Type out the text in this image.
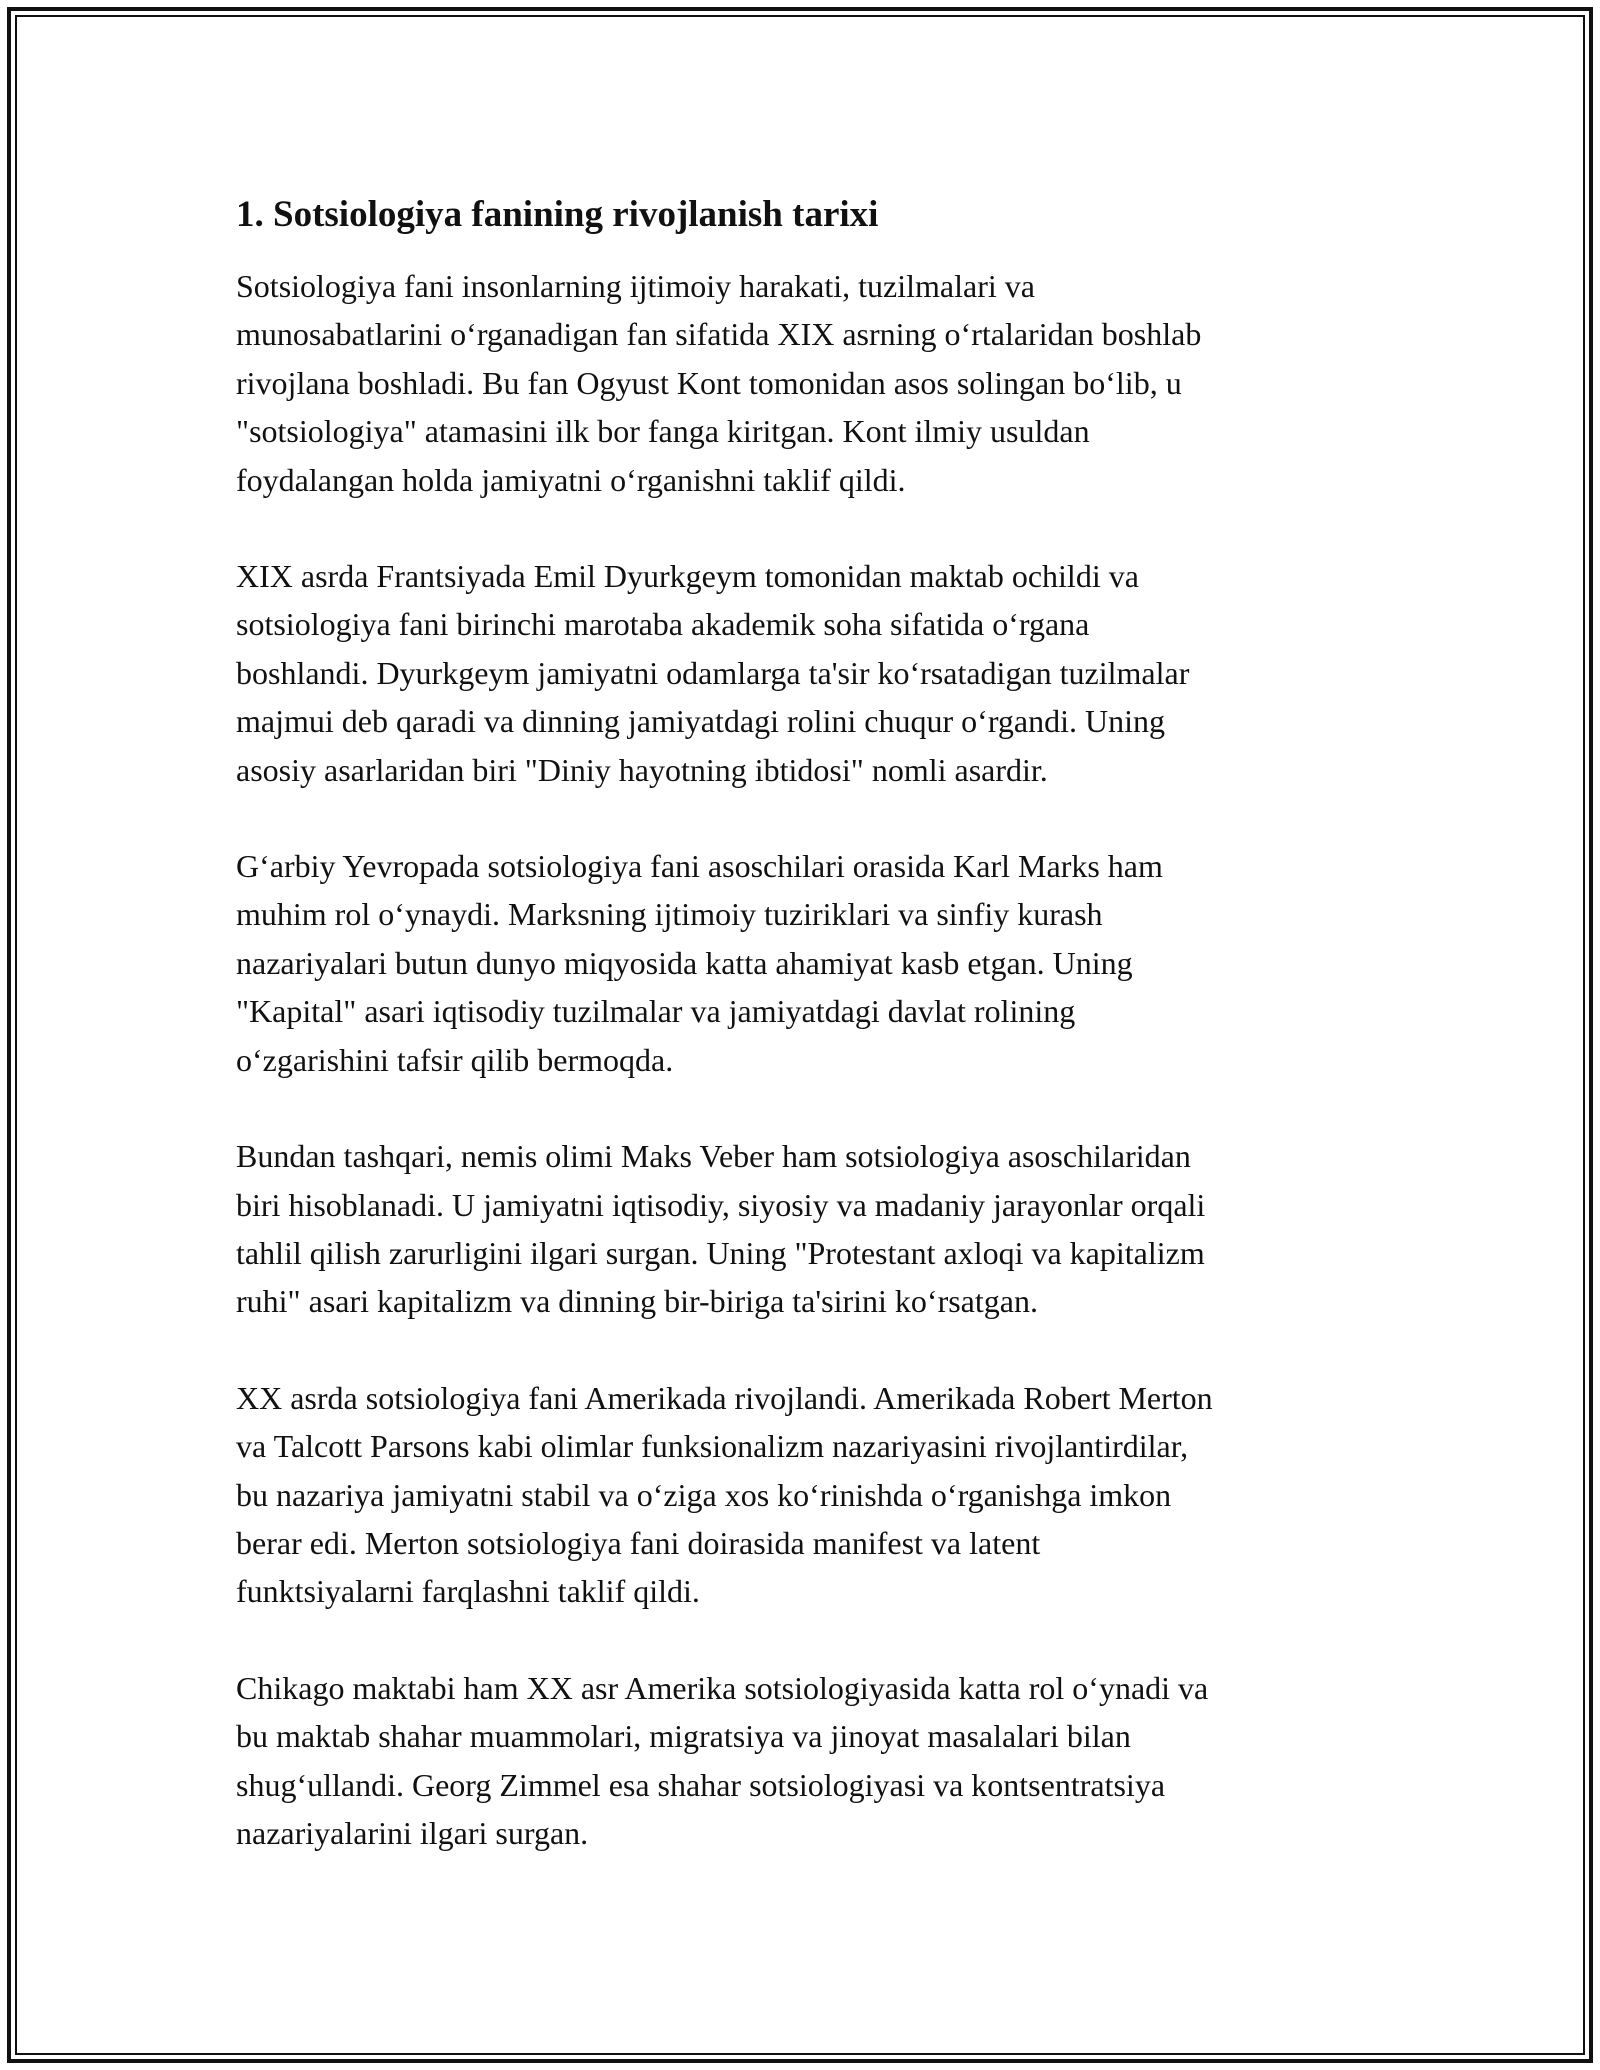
1. Sotsiologiya fanining rivojlanish tarixi

Sotsiologiya fani insonlarning ijtimoiy harakati, tuzilmalari va
munosabatlarini oʻrganadigan fan sifatida XIX asrning oʻrtalaridan boshlab
rivojlana boshladi. Bu fan Ogyust Kont tomonidan asos solingan boʻlib, u
"sotsiologiya" atamasini ilk bor fanga kiritgan. Kont ilmiy usuldan
foydalangan holda jamiyatni oʻrganishni taklif qildi.

XIX asrda Frantsiyada Emil Dyurkgeym tomonidan maktab ochildi va
sotsiologiya fani birinchi marotaba akademik soha sifatida oʻrgana
boshlandi. Dyurkgeym jamiyatni odamlarga ta'sir koʻrsatadigan tuzilmalar
majmui deb qaradi va dinning jamiyatdagi rolini chuqur oʻrgandi. Uning
asosiy asarlaridan biri "Diniy hayotning ibtidosi" nomli asardir.

Gʻarbiy Yevropada sotsiologiya fani asoschilari orasida Karl Marks ham
muhim rol oʻynaydi. Marksning ijtimoiy tuziriklari va sinfiy kurash
nazariyalari butun dunyo miqyosida katta ahamiyat kasb etgan. Uning
"Kapital" asari iqtisodiy tuzilmalar va jamiyatdagi davlat rolining
oʻzgarishini tafsir qilib bermoqda.

Bundan tashqari, nemis olimi Maks Veber ham sotsiologiya asoschilaridan
biri hisoblanadi. U jamiyatni iqtisodiy, siyosiy va madaniy jarayonlar orqali
tahlil qilish zarurligini ilgari surgan. Uning "Protestant axloqi va kapitalizm
ruhi" asari kapitalizm va dinning bir-biriga ta'sirini koʻrsatgan.

XX asrda sotsiologiya fani Amerikada rivojlandi. Amerikada Robert Merton
va Talcott Parsons kabi olimlar funksionalizm nazariyasini rivojlantirdilar,
bu nazariya jamiyatni stabil va oʻziga xos koʻrinishda oʻrganishga imkon
berar edi. Merton sotsiologiya fani doirasida manifest va latent
funktsiyalarni farqlashni taklif qildi.

Chikago maktabi ham XX asr Amerika sotsiologiyasida katta rol oʻynadi va
bu maktab shahar muammolari, migratsiya va jinoyat masalalari bilan
shugʻullandi. Georg Zimmel esa shahar sotsiologiyasi va kontsentratsiya
nazariyalarini ilgari surgan.
